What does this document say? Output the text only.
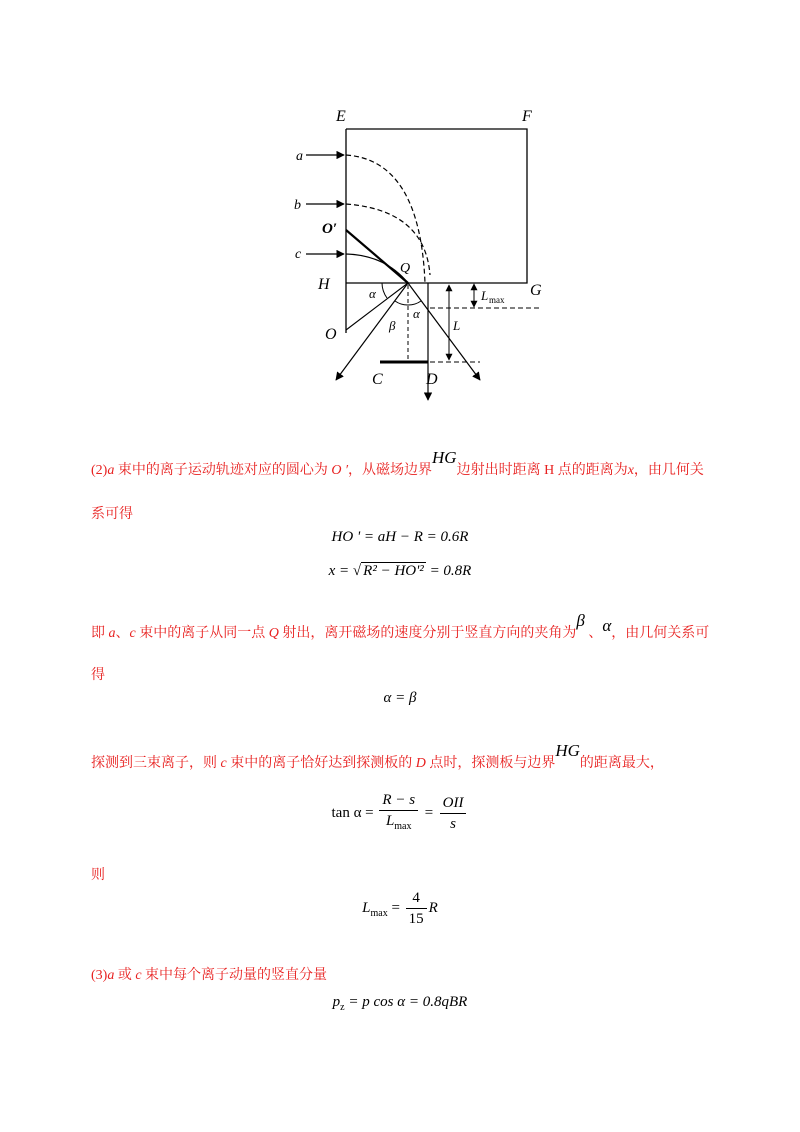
E	F
G
H
O
O′
Q
a
b
c
C	D
α
α
β	L
L max
(2)a 束中的离子运动轨迹对应的圆心为 O ′，从磁场边界HG边射出时距离 H 点的距离为x，由几何关
系可得
HO ' = aH − R = 0.6R
x = √ R² − HO'² = 0.8R
即 a、c 束中的离子从同一点 Q 射出，离开磁场的速度分别于竖直方向的夹角为β 、α，由几何关系可
得
α = β
探测到三束离子，则 c 束中的离子恰好达到探测板的 D 点时，探测板与边界HG的距离最大，
$\tan \alpha = \frac{R - s}{L_{max}} = \frac{\text{OII}}{s}$
则
$L_{max} = \frac{4}{15}$ R
(3)a 或 c 束中每个离子动量的竖直分量
$p_z = p$ cos α = 0.8qBR
